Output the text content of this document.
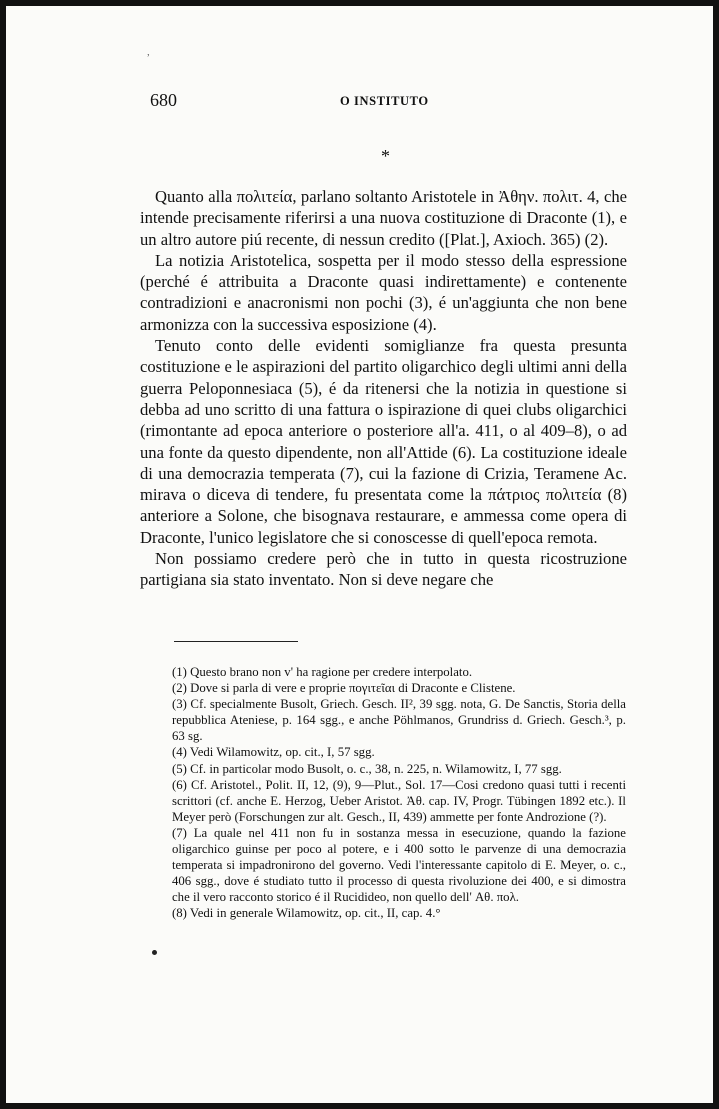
,
680	O INSTITUTO
*

Quanto alla πολιτεία, parlano soltanto Aristotele in Ἀθην. πολιτ. 4, che intende precisamente riferirsi a una nuova costituzione di Draconte (1), e un altro autore piú recente, di nessun credito ([Plat.], Axioch. 365) (2).

La notizia Aristotelica, sospetta per il modo stesso della espressione (perché é attribuita a Draconte quasi indirettamente) e contenente contradizioni e anacronismi non pochi (3), é un'aggiunta che non bene armonizza con la successiva esposizione (4).

Tenuto conto delle evidenti somiglianze fra questa presunta costituzione e le aspirazioni del partito oligarchico degli ultimi anni della guerra Peloponnesiaca (5), é da ritenersi che la notizia in questione si debba ad uno scritto di una fattura o ispirazione di quei clubs oligarchici (rimontante ad epoca anteriore o posteriore all'a. 411, o al 409–8), o ad una fonte da questo dipendente, non all'Attide (6). La costituzione ideale di una democrazia temperata (7), cui la fazione di Crizia, Teramene Ac. mirava o diceva di tendere, fu presentata come la πάτριος πολιτεία (8) anteriore a Solone, che bisognava restaurare, e ammessa come opera di Draconte, l'unico legislatore che si conoscesse di quell'epoca remota.

Non possiamo credere però che in tutto in questa ricostruzione partigiana sia stato inventato. Non si deve negare che

(1) Questo brano non v' ha ragione per credere interpolato.

(2) Dove si parla di vere e proprie πογιτεῖαι di Draconte e Clistene.

(3) Cf. specialmente Busolt, Griech. Gesch. II², 39 sgg. nota, G. De Sanctis, Storia della repubblica Ateniese, p. 164 sgg., e anche Pöhlmanos, Grundriss d. Griech. Gesch.³, p. 63 sg.

(4) Vedi Wilamowitz, op. cit., I, 57 sgg.

(5) Cf. in particolar modo Busolt, o. c., 38, n. 225, n. Wilamowitz, I, 77 sgg.

(6) Cf. Aristotel., Polit. II, 12, (9), 9—Plut., Sol. 17—Cosi credono quasi tutti i recenti scrittori (cf. anche E. Herzog, Ueber Aristot. Ἀθ. cap. IV, Progr. Tübingen 1892 etc.). Il Meyer però (Forschungen zur alt. Gesch., II, 439) ammette per fonte Androzione (?).

(7) La quale nel 411 non fu in sostanza messa in esecuzione, quando la fazione oligarchico guinse per poco al potere, e i 400 sotto le parvenze di una democrazia temperata si impadronirono del governo. Vedi l'interessante capitolo di E. Meyer, o. c., 406 sgg., dove é studiato tutto il processo di questa rivoluzione dei 400, e si dimostra che il vero racconto storico é il Rucidideo, non quello dell' Αθ. πολ.

(8) Vedi in generale Wilamowitz, op. cit., II, cap. 4.°
